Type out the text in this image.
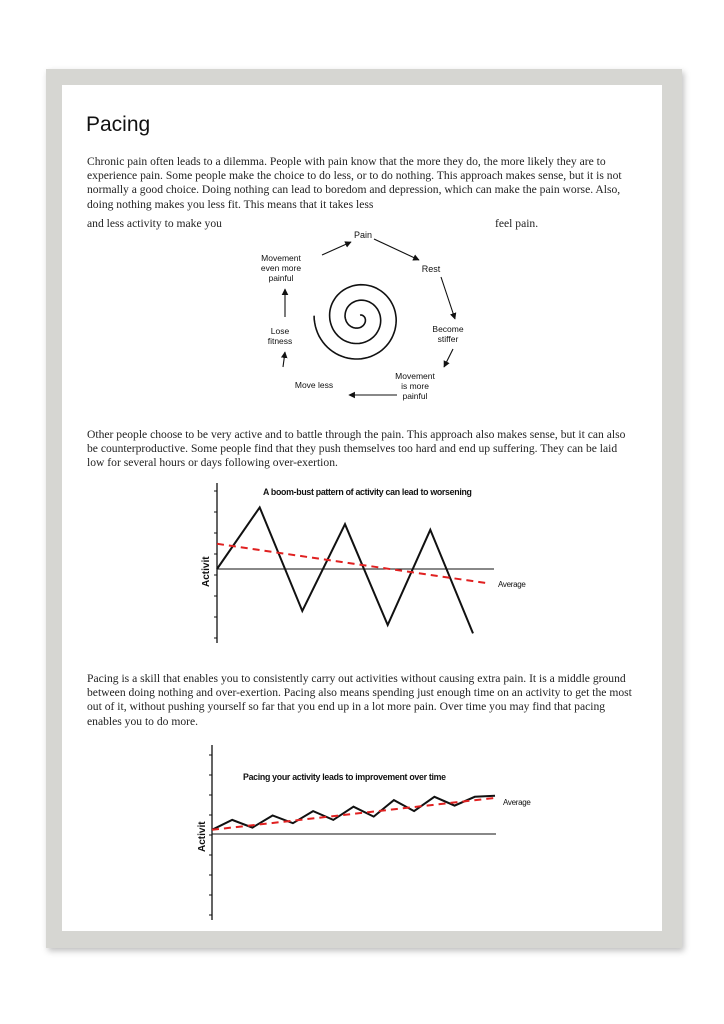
Pacing

Chronic pain often leads to a dilemma. People with pain know that the more they do, the more likely they are to experience pain. Some people make the choice to do less, or to do nothing. This approach makes sense, but it is not normally a good choice. Doing nothing can lead to boredom and depression, which can make the pain worse. Also, doing nothing makes you less fit. This means that it takes less

and less activity to make you	feel pain.
Pain
Rest
Become stiffer
Movement is more painful
Move less
Lose fitness
Movement even more painful

Other people choose to be very active and to battle through the pain. This approach also makes sense, but it can also be counterproductive. Some people find that they push themselves too hard and end up suffering. They can be laid low for several hours or days following over-exertion.

A boom-bust pattern of activity can lead to worsening
Activit	Average

Pacing is a skill that enables you to consistently carry out activities without causing extra pain. It is a middle ground between doing nothing and over-exertion. Pacing also means spending just enough time on an activity to get the most out of it, without pushing yourself so far that you end up in a lot more pain. Over time you may find that pacing enables you to do more.

Pacing your activity leads to improvement over time
Activit
Average
